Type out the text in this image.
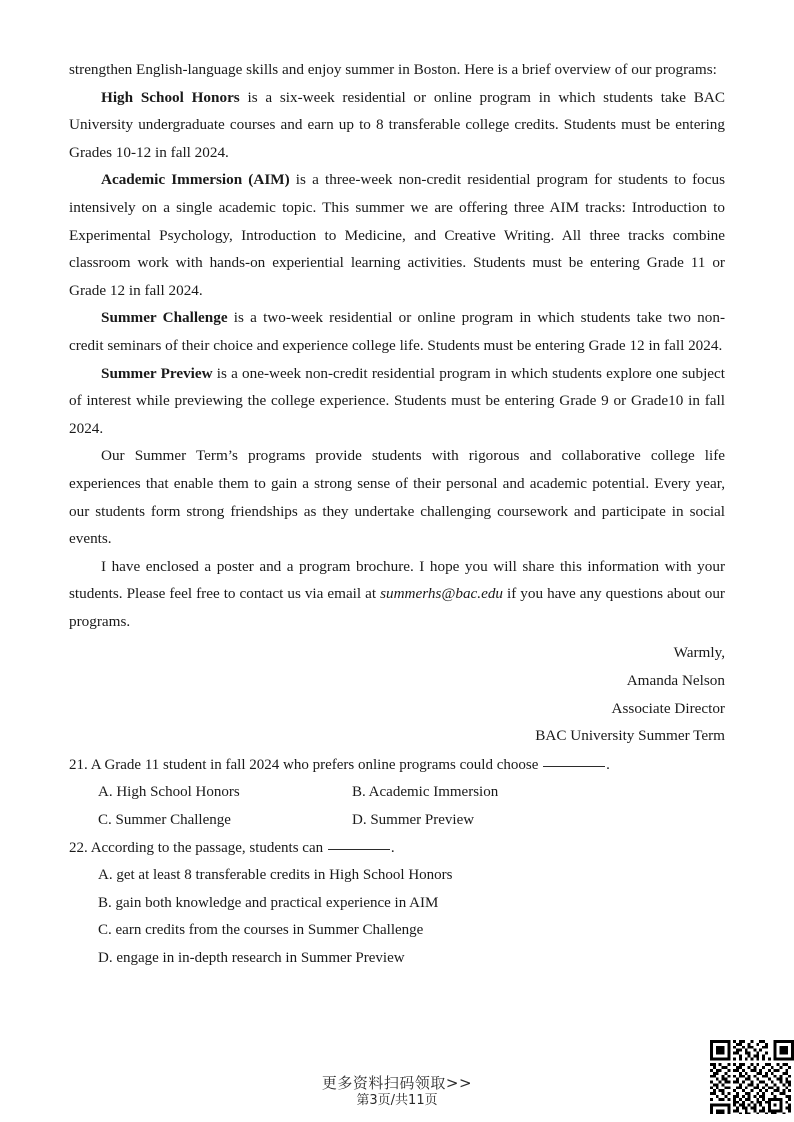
strengthen English-language skills and enjoy summer in Boston. Here is a brief overview of our programs:

High School Honors is a six-week residential or online program in which students take BAC University undergraduate courses and earn up to 8 transferable college credits. Students must be entering Grades 10-12 in fall 2024.

Academic Immersion (AIM) is a three-week non-credit residential program for students to focus intensively on a single academic topic. This summer we are offering three AIM tracks: Introduction to Experimental Psychology, Introduction to Medicine, and Creative Writing. All three tracks combine classroom work with hands-on experiential learning activities. Students must be entering Grade 11 or Grade 12 in fall 2024.

Summer Challenge is a two-week residential or online program in which students take two non-credit seminars of their choice and experience college life. Students must be entering Grade 12 in fall 2024.

Summer Preview is a one-week non-credit residential program in which students explore one subject of interest while previewing the college experience. Students must be entering Grade 9 or Grade10 in fall 2024.

Our Summer Term’s programs provide students with rigorous and collaborative college life experiences that enable them to gain a strong sense of their personal and academic potential. Every year, our students form strong friendships as they undertake challenging coursework and participate in social events.

I have enclosed a poster and a program brochure. I hope you will share this information with your students. Please feel free to contact us via email at summerhs@bac.edu if you have any questions about our programs.

Warmly,
Amanda Nelson
Associate Director
BAC University Summer Term

21. A Grade 11 student in fall 2024 who prefers online programs could choose	.

A. High School Honors	B. Academic Immersion
C. Summer Challenge	D. Summer Preview

22. According to the passage, students can	.

A. get at least 8 transferable credits in High School Honors

B. gain both knowledge and practical experience in AIM

C. earn credits from the courses in Summer Challenge

D. engage in in-depth research in Summer Preview

更多资料扫码领取>>
第3页/共11页
